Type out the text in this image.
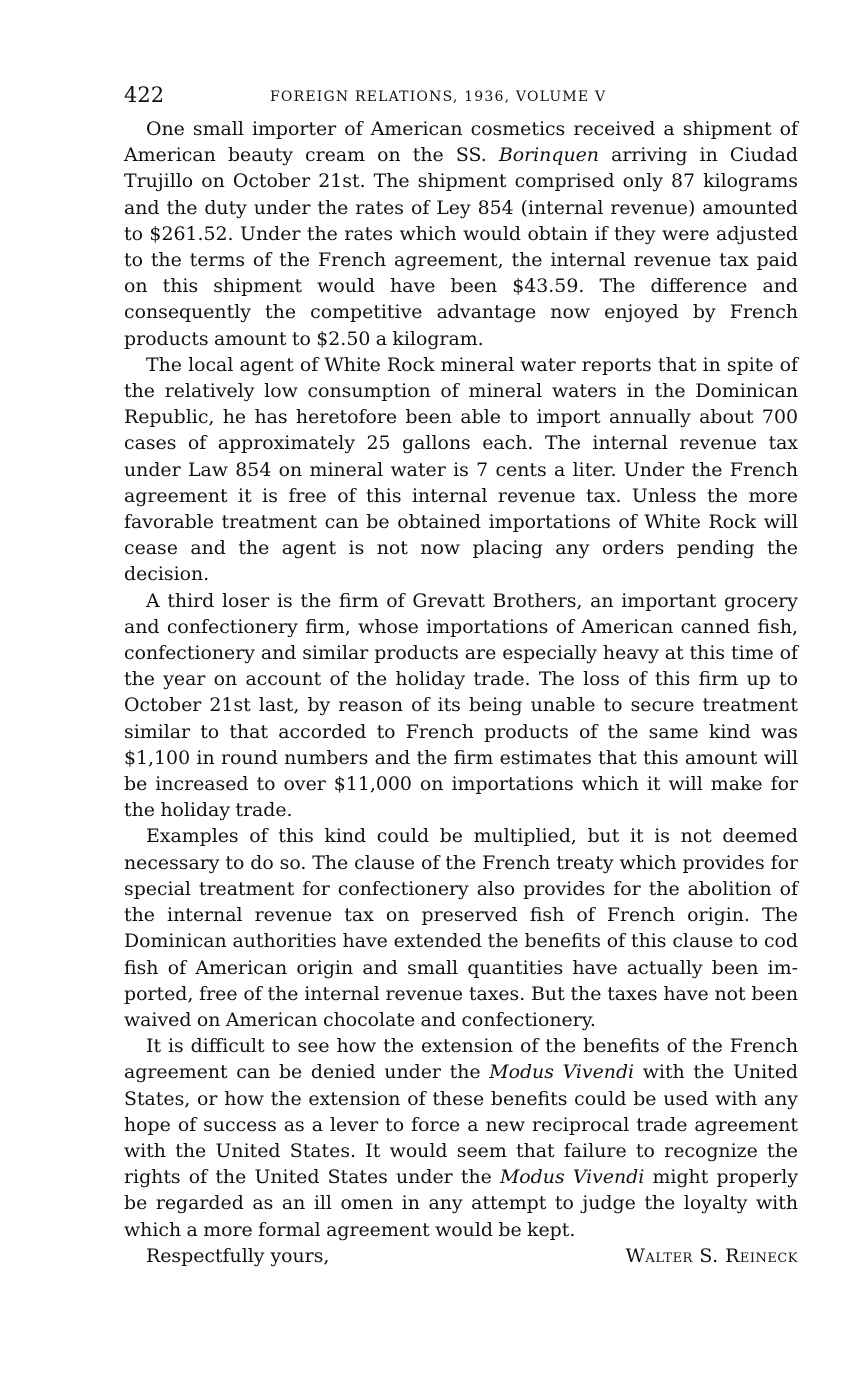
422	FOREIGN RELATIONS, 1936, VOLUME V

One small importer of American cosmetics received a shipment of American beauty cream on the SS. Borinquen arriving in Ciudad Trujillo on October 21st. The shipment comprised only 87 kilograms and the duty under the rates of Ley 854 (internal revenue) amounted to $261.52. Under the rates which would obtain if they were adjusted to the terms of the French agreement, the internal revenue tax paid on this shipment would have been $43.59. The difference and consequently the competitive advantage now enjoyed by French products amount to $2.50 a kilogram.

The local agent of White Rock mineral water reports that in spite of the relatively low consumption of mineral waters in the Dominican Republic, he has heretofore been able to import annually about 700 cases of approximately 25 gallons each. The internal revenue tax under Law 854 on mineral water is 7 cents a liter. Under the French agreement it is free of this internal revenue tax. Unless the more favorable treatment can be obtained importations of White Rock will cease and the agent is not now placing any orders pending the decision.

A third loser is the firm of Grevatt Brothers, an important grocery and confectionery firm, whose importations of American canned fish, confectionery and similar products are especially heavy at this time of the year on account of the holiday trade. The loss of this firm up to October 21st last, by reason of its being unable to secure treatment similar to that accorded to French products of the same kind was $1,100 in round numbers and the firm estimates that this amount will be increased to over $11,000 on importations which it will make for the holiday trade.

Examples of this kind could be multiplied, but it is not deemed necessary to do so. The clause of the French treaty which provides for special treatment for confectionery also provides for the abolition of the internal revenue tax on preserved fish of French origin. The Dominican authorities have extended the benefits of this clause to cod fish of American origin and small quantities have actually been imported, free of the internal revenue taxes. But the taxes have not been waived on American chocolate and confectionery.

It is difficult to see how the extension of the benefits of the French agreement can be denied under the Modus Vivendi with the United States, or how the extension of these benefits could be used with any hope of success as a lever to force a new reciprocal trade agreement with the United States. It would seem that failure to recognize the rights of the United States under the Modus Vivendi might properly be regarded as an ill omen in any attempt to judge the loyalty with which a more formal agreement would be kept.

Respectfully yours,	Walter S. Reineck
